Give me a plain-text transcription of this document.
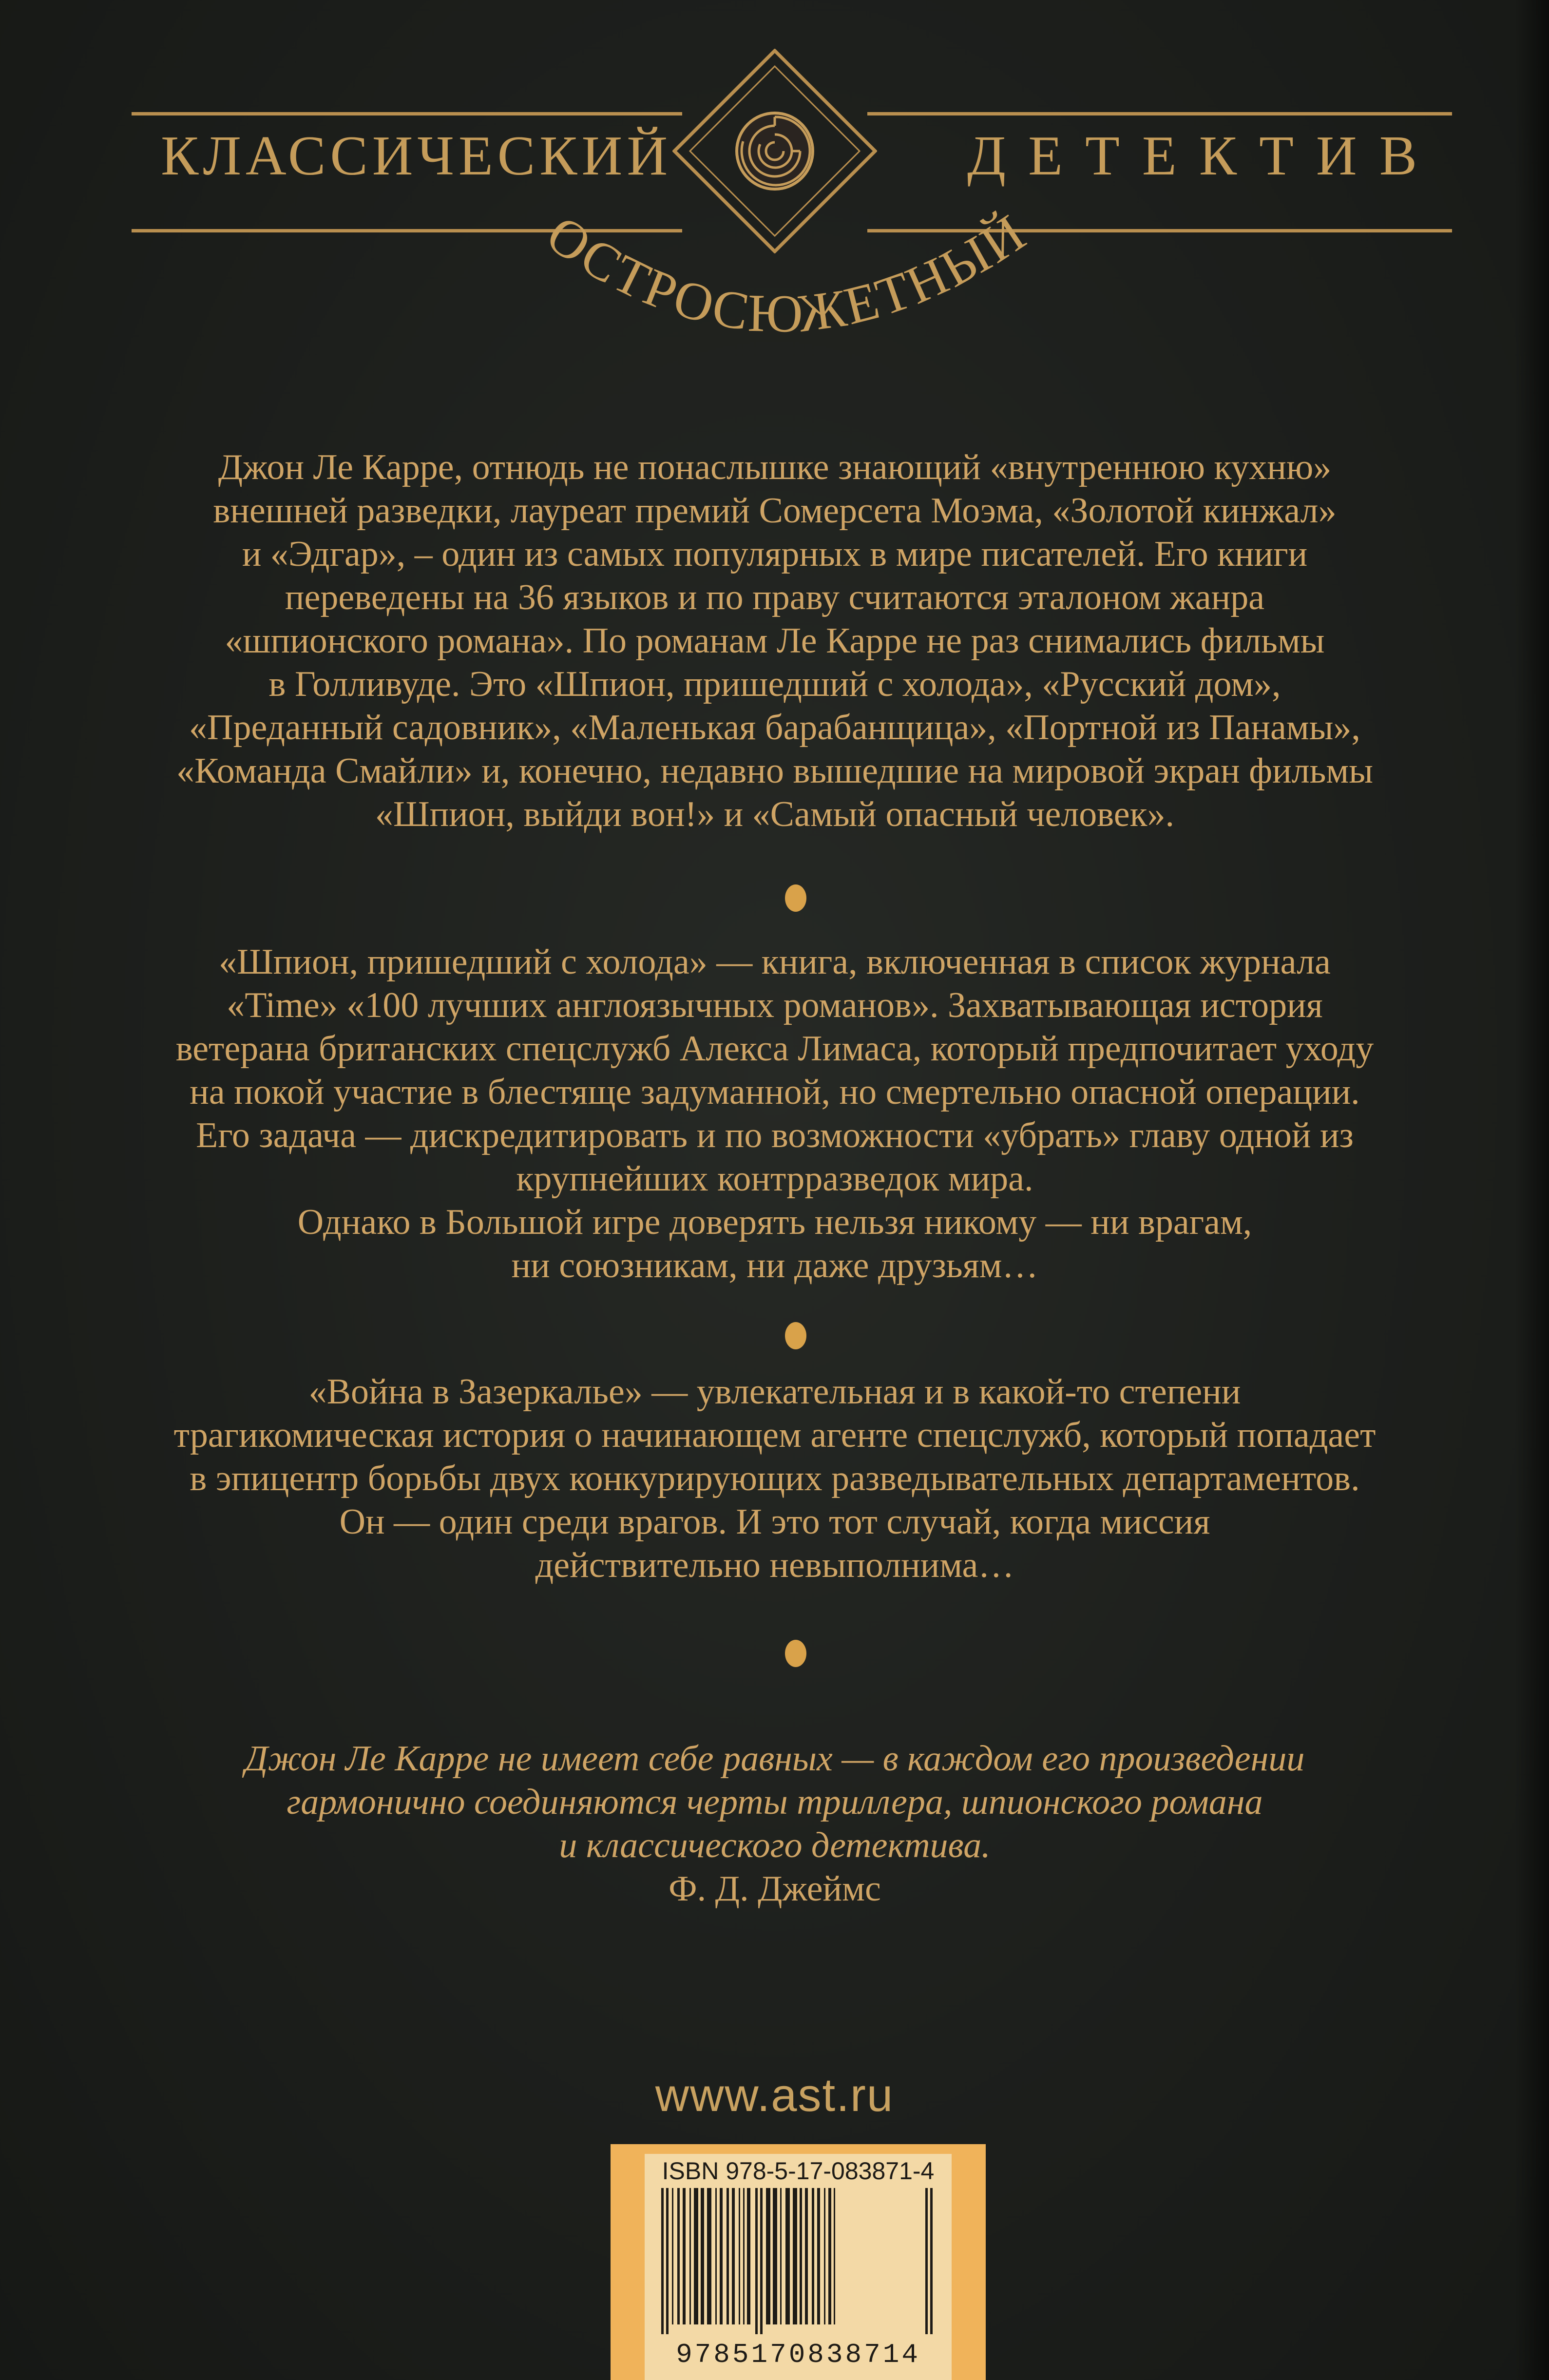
КЛАССИЧЕСКИЙ	ДЕТЕКТИВ
ОСТРОСЮЖЕТНЫЙ

Джон Ле Карре, отнюдь не понаслышке знающий «внутреннюю кухню»

внешней разведки, лауреат премий Сомерсета Моэма, «Золотой кинжал»

и «Эдгар», – один из самых популярных в мире писателей. Его книги

переведены на 36 языков и по праву считаются эталоном жанра

«шпионского романа». По романам Ле Карре не раз снимались фильмы

в Голливуде. Это «Шпион, пришедший с холода», «Русский дом»,

«Преданный садовник», «Маленькая барабанщица», «Портной из Панамы»,

«Команда Смайли» и, конечно, недавно вышедшие на мировой экран фильмы

«Шпион, выйди вон!» и «Самый опасный человек».

«Шпион, пришедший с холода» — книга, включенная в список журнала

«Time» «100 лучших англоязычных романов». Захватывающая история

ветерана британских спецслужб Алекса Лимаса, который предпочитает уходу

на покой участие в блестяще задуманной, но смертельно опасной операции.

Его задача — дискредитировать и по возможности «убрать» главу одной из

крупнейших контрразведок мира.

Однако в Большой игре доверять нельзя никому — ни врагам,

ни союзникам, ни даже друзьям…

«Война в Зазеркалье» — увлекательная и в какой-то степени

трагикомическая история о начинающем агенте спецслужб, который попадает

в эпицентр борьбы двух конкурирующих разведывательных департаментов.

Он — один среди врагов. И это тот случай, когда миссия

действительно невыполнима…

Джон Ле Карре не имеет себе равных — в каждом его произведении

гармонично соединяются черты триллера, шпионского романа

и классического детектива.

Ф. Д. Джеймс

www.ast.ru
ISBN 978-5-17-083871-4
9785170838714
